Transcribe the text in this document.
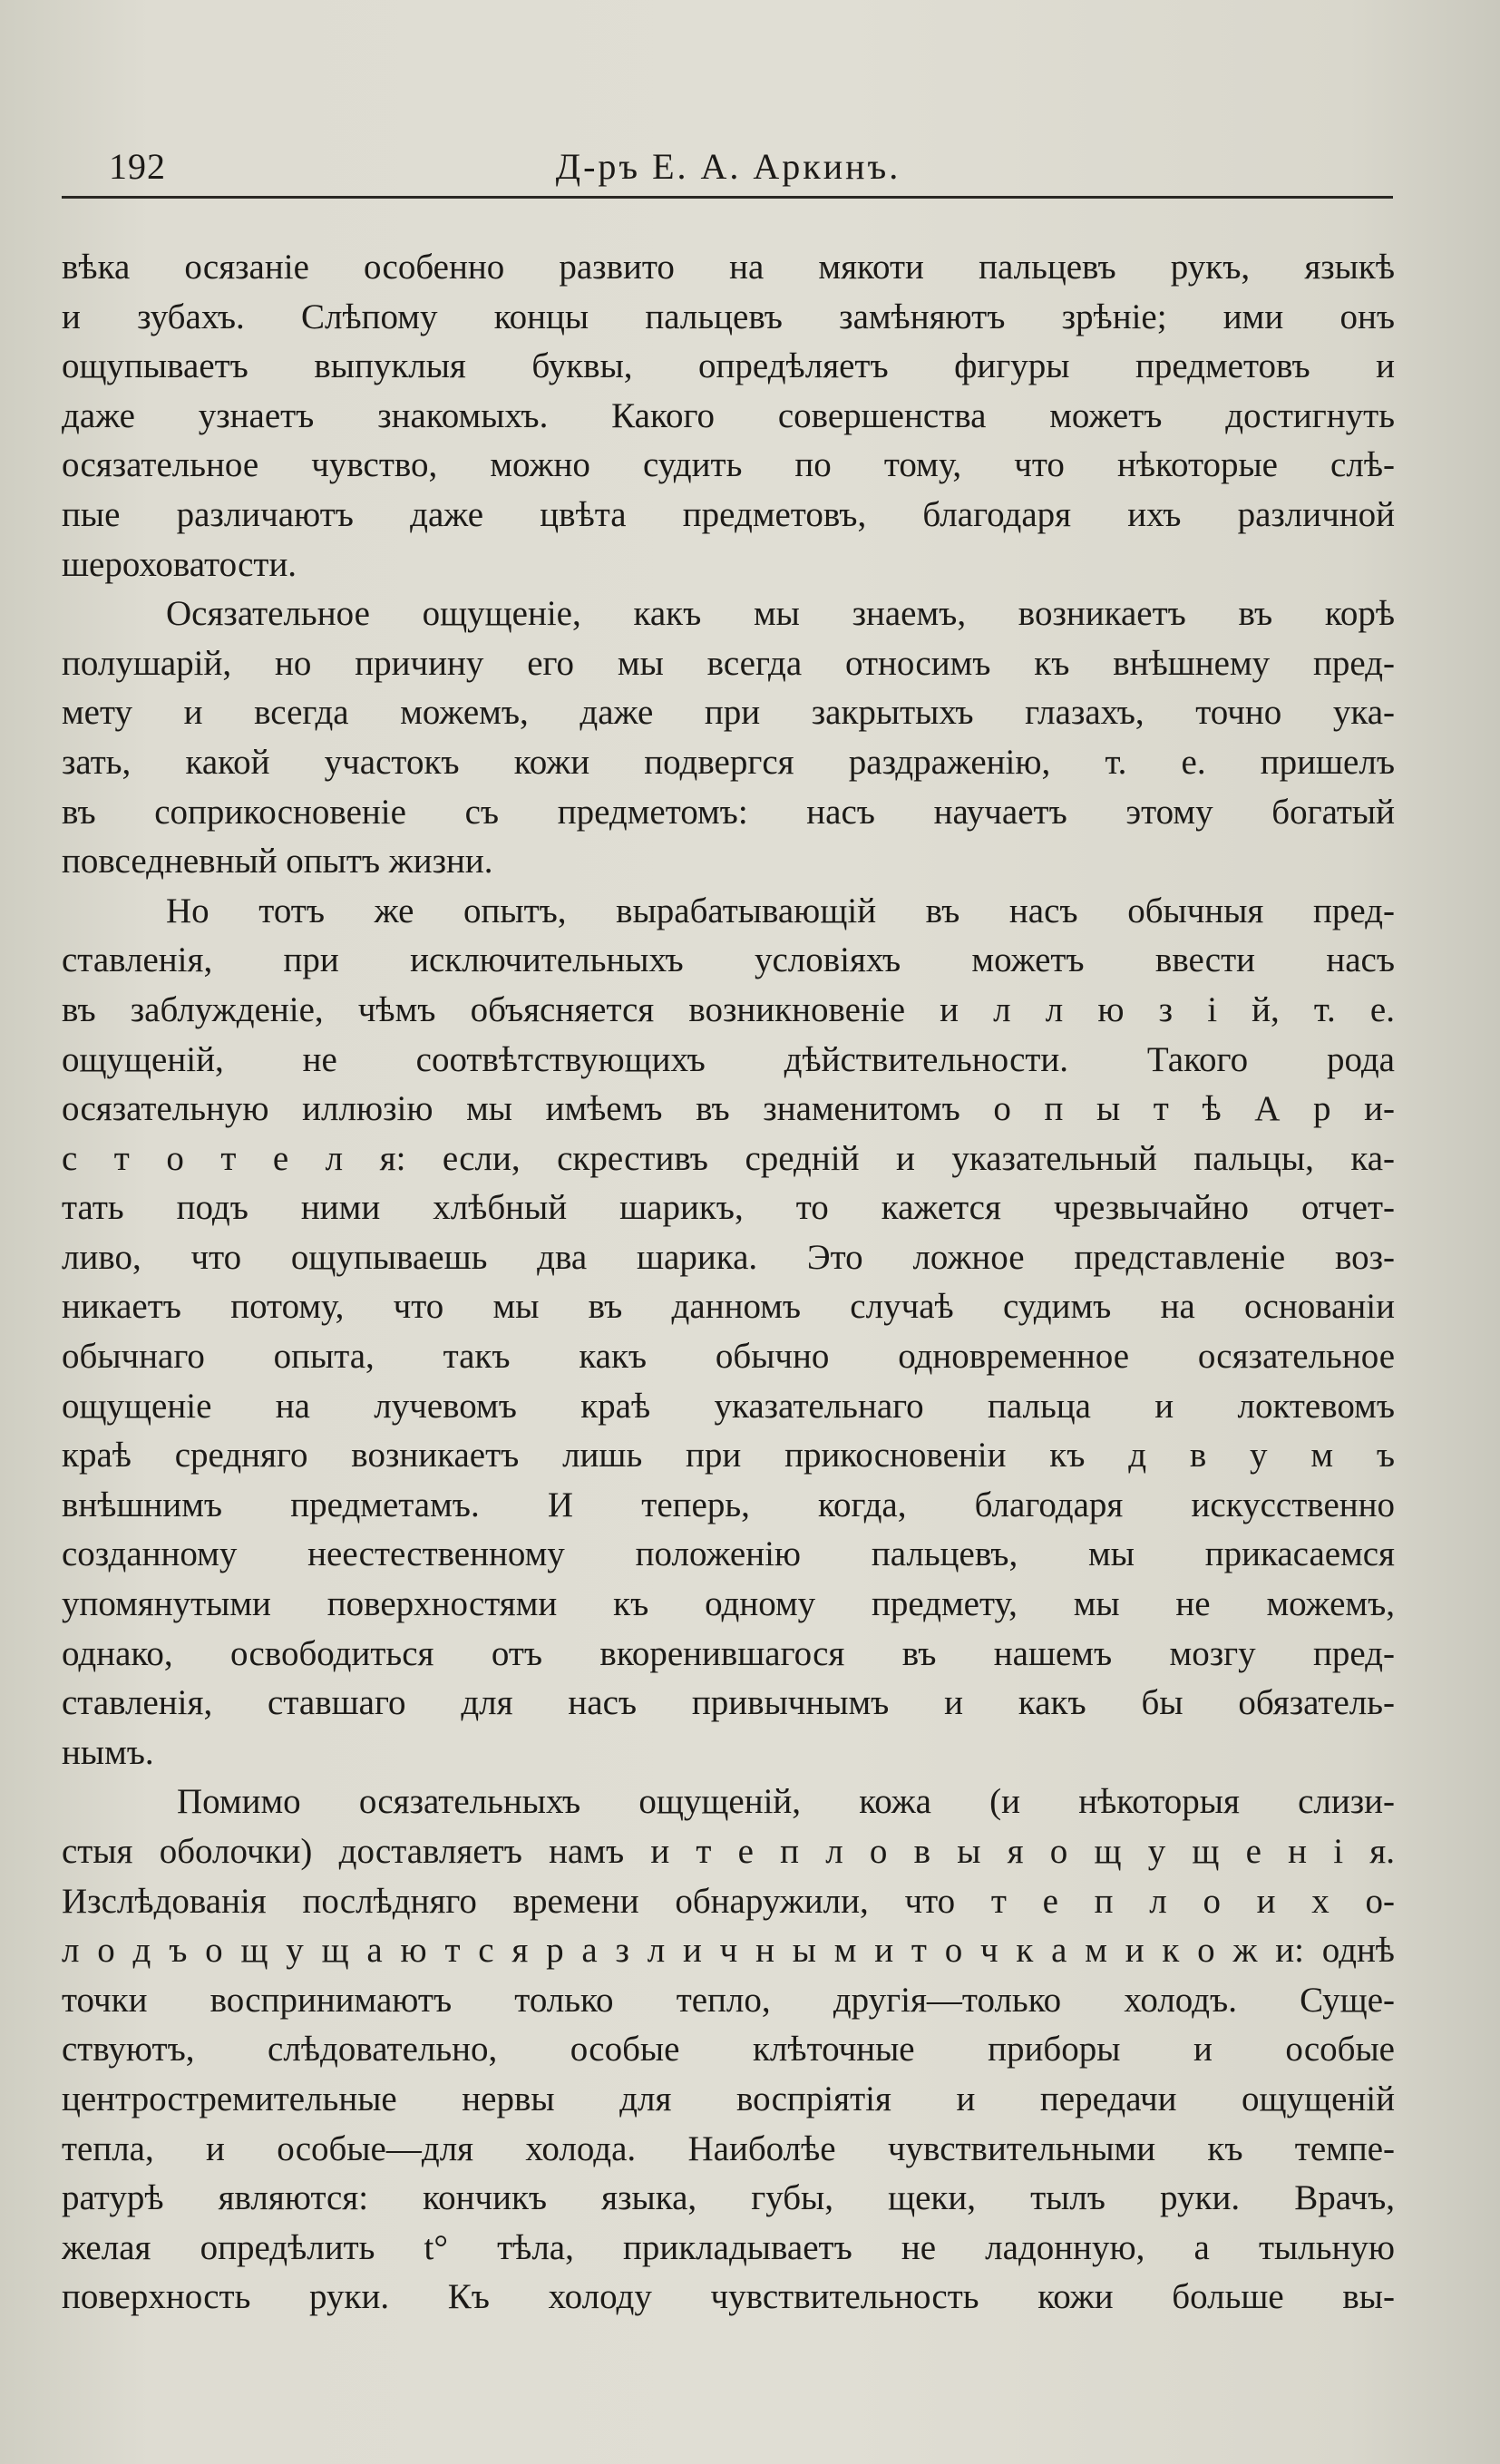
192	Д-ръ Е. А. Аркинъ.
вѣка осязаніе особенно развито на мякоти пальцевъ рукъ, языкѣ
и зубахъ. Слѣпому концы пальцевъ замѣняютъ зрѣніе; ими онъ
ощупываетъ выпуклыя буквы, опредѣляетъ фигуры предметовъ и
даже узнаетъ знакомыхъ. Какого совершенства можетъ достигнуть
осязательное чувство, можно судить по тому, что нѣкоторые слѣ-
пые различаютъ даже цвѣта предметовъ, благодаря ихъ различной
шероховатости.
Осязательное ощущеніе, какъ мы знаемъ, возникаетъ въ корѣ
полушарій, но причину его мы всегда относимъ къ внѣшнему пред-
мету и всегда можемъ, даже при закрытыхъ глазахъ, точно ука-
зать, какой участокъ кожи подвергся раздраженію, т. е. пришелъ
въ соприкосновеніе съ предметомъ: насъ научаетъ этому богатый
повседневный опытъ жизни.
Но тотъ же опытъ, вырабатывающій въ насъ обычныя пред-
ставленія, при исключительныхъ условіяхъ можетъ ввести насъ
въ заблужденіе, чѣмъ объясняется возникновеніе и л л ю з і й, т. е.
ощущеній, не соотвѣтствующихъ дѣйствительности. Такого рода
осязательную иллюзію мы имѣемъ въ знаменитомъ о п ы т ѣ А р и-
с т о т е л я: если, скрестивъ средній и указательный пальцы, ка-
тать подъ ними хлѣбный шарикъ, то кажется чрезвычайно отчет-
ливо, что ощупываешь два шарика. Это ложное представленіе воз-
никаетъ потому, что мы въ данномъ случаѣ судимъ на основаніи
обычнаго опыта, такъ какъ обычно одновременное осязательное
ощущеніе на лучевомъ краѣ указательнаго пальца и локтевомъ
краѣ средняго возникаетъ лишь при прикосновеніи къ д в у м ъ
внѣшнимъ предметамъ. И теперь, когда, благодаря искусственно
созданному неестественному положенію пальцевъ, мы прикасаемся
упомянутыми поверхностями къ одному предмету, мы не можемъ,
однако, освободиться отъ вкоренившагося въ нашемъ мозгу пред-
ставленія, ставшаго для насъ привычнымъ и какъ бы обязатель-
нымъ.
Помимо осязательныхъ ощущеній, кожа (и нѣкоторыя слизи-
стыя оболочки) доставляетъ намъ и т е п л о в ы я о щ у щ е н і я.
Изслѣдованія послѣдняго времени обнаружили, что т е п л о и х о-
л о д ъ о щ у щ а ю т с я р а з л и ч н ы м и т о ч к а м и к о ж и: однѣ
точки воспринимаютъ только тепло, другія—только холодъ. Суще-
ствуютъ, слѣдовательно, особые клѣточные приборы и особые
центростремительные нервы для воспріятія и передачи ощущеній
тепла, и особые—для холода. Наиболѣе чувствительными къ темпе-
ратурѣ являются: кончикъ языка, губы, щеки, тылъ руки. Врачъ,
желая опредѣлить t° тѣла, прикладываетъ не ладонную, а тыльную
поверхность руки. Къ холоду чувствительность кожи больше вы-
